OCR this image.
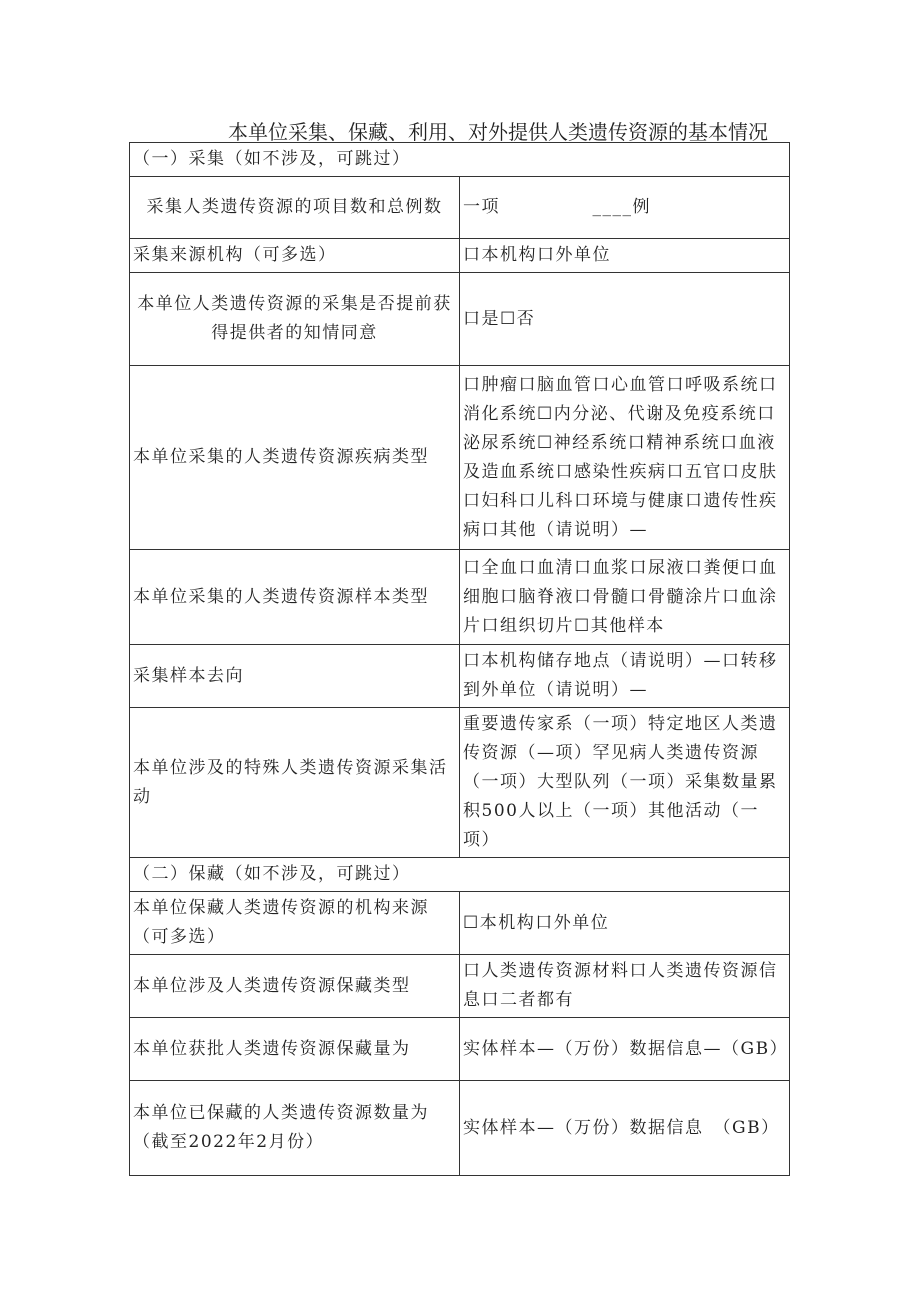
本单位采集、保藏、利用、对外提供人类遗传资源的基本情况
（一）采集（如不涉及，可跳过）	
采集人类遗传资源的项目数和总例数	一项　　　　　____例
采集来源机构（可多选）	口本机构口外单位
本单位人类遗传资源的采集是否提前获得提供者的知情同意	口是☐否
本单位采集的人类遗传资源疾病类型	口肿瘤口脑血管口心血管口呼吸系统口消化系统☐内分泌、代谢及免疫系统口泌尿系统☐神经系统口精神系统口血液及造血系统口感染性疾病口五官口皮肤口妇科口儿科口环境与健康口遗传性疾病口其他（请说明）—
本单位采集的人类遗传资源样本类型	口全血口血清口血浆口尿液口粪便口血细胞口脑脊液口骨髓口骨髓涂片口血涂片口组织切片☐其他样本
采集样本去向	口本机构储存地点（请说明）—口转移到外单位（请说明）—
本单位涉及的特殊人类遗传资源采集活动	重要遗传家系（一项）特定地区人类遗传资源（—项）罕见病人类遗传资源（一项）大型队列（一项）采集数量累积500人以上（一项）其他活动（一项）
（二）保藏（如不涉及，可跳过）	
本单位保藏人类遗传资源的机构来源（可多选）	☐本机构口外单位
本单位涉及人类遗传资源保藏类型	口人类遗传资源材料口人类遗传资源信息口二者都有
本单位获批人类遗传资源保藏量为	实体样本—（万份）数据信息—（GB）
本单位已保藏的人类遗传资源数量为（截至2022年2月份）	实体样本—（万份）数据信息　（GB）
